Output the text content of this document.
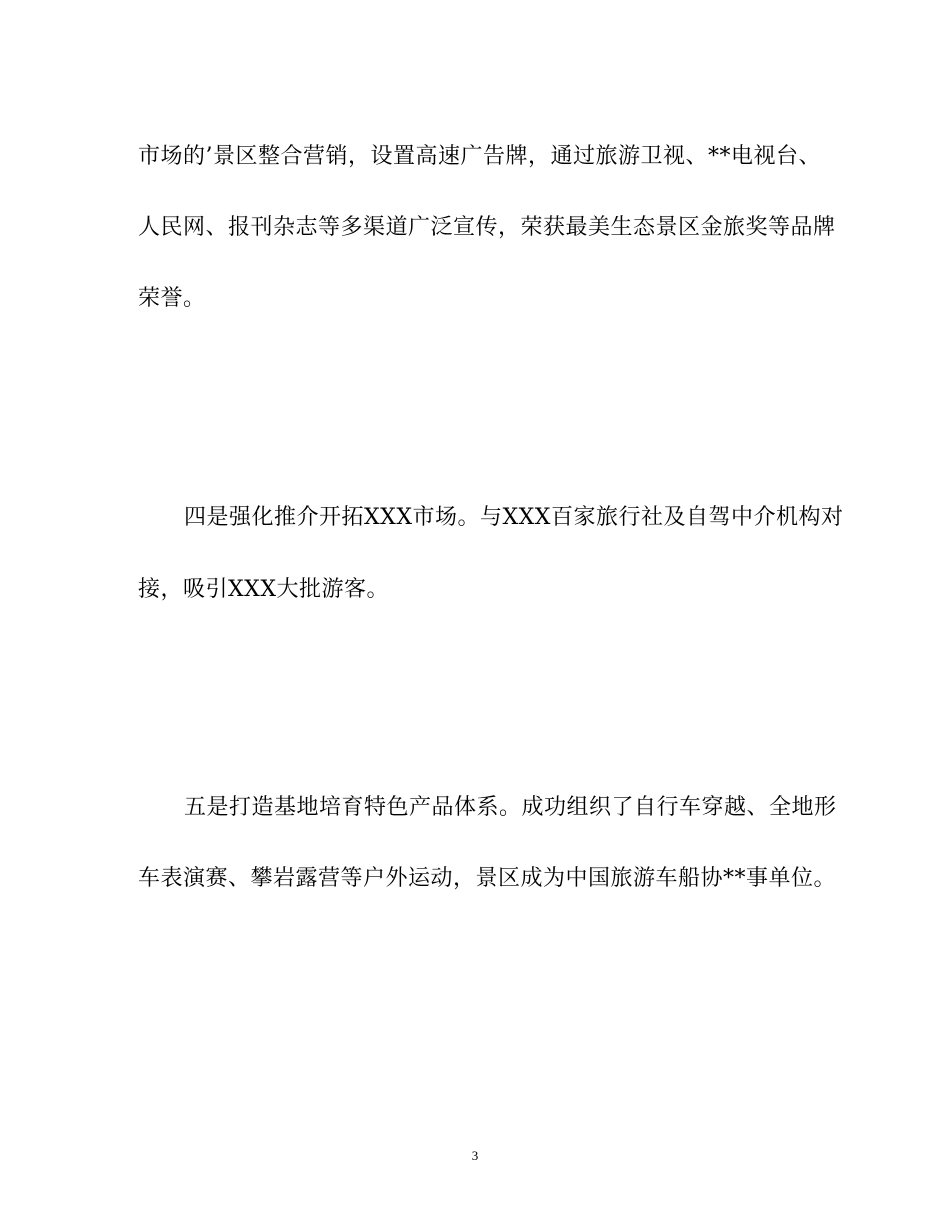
市场的’景区整合营销，设置高速广告牌，通过旅游卫视、**电视台、
人民网、报刊杂志等多渠道广泛宣传，荣获最美生态景区金旅奖等品牌
荣誉。
四是强化推介开拓XXX市场。与XXX百家旅行社及自驾中介机构对
接，吸引XXX大批游客。
五是打造基地培育特色产品体系。成功组织了自行车穿越、全地形
车表演赛、攀岩露营等户外运动，景区成为中国旅游车船协**事单位。
3
